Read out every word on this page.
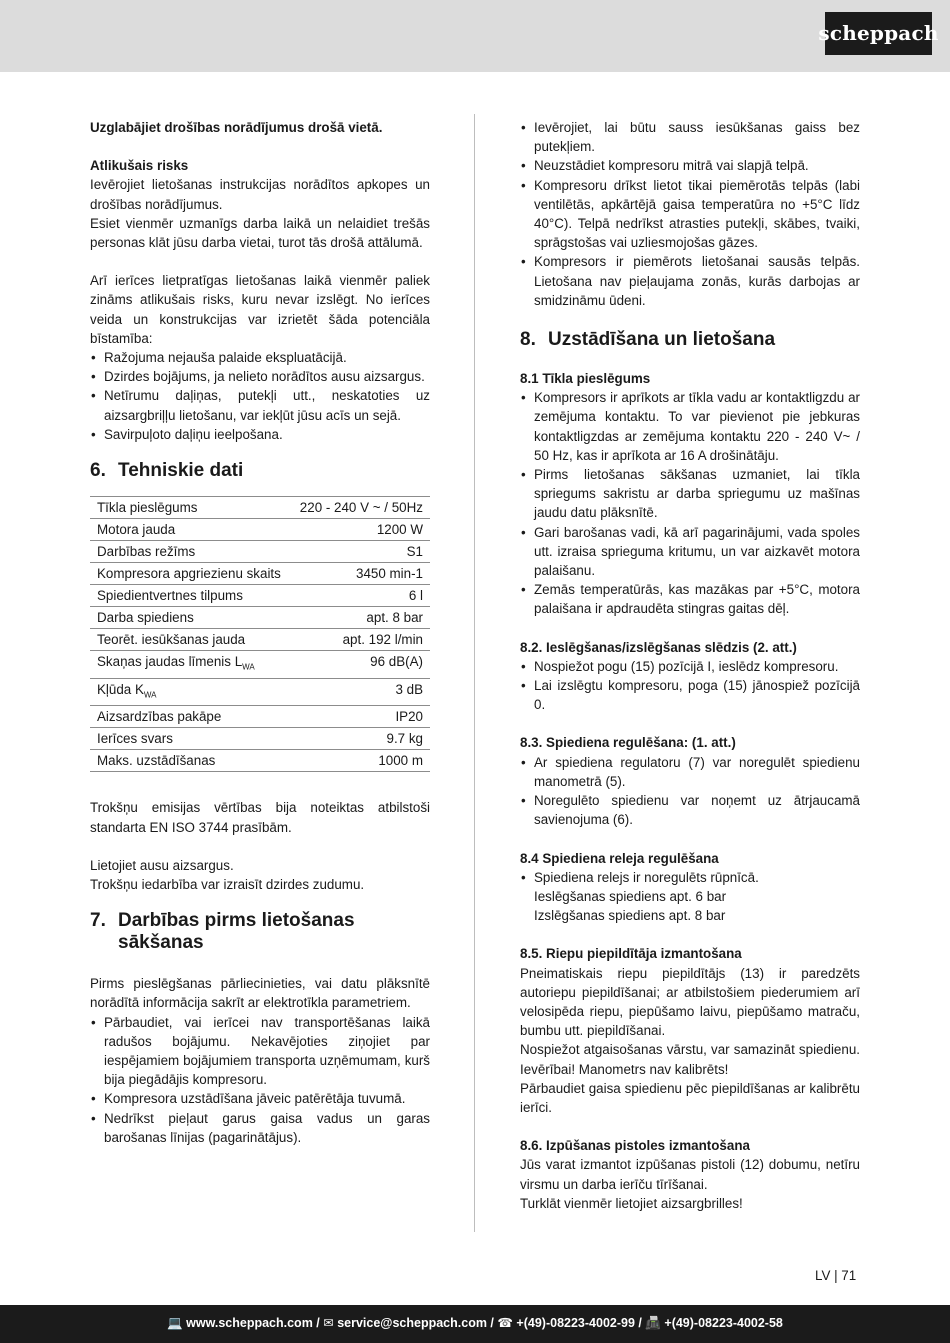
scheppach

Uzglabājiet drošības norādījumus drošā vietā.

Atlikušais risks

Ievērojiet lietošanas instrukcijas norādītos apkopes un drošības norādījumus.

Esiet vienmēr uzmanīgs darba laikā un nelaidiet trešās personas klāt jūsu darba vietai, turot tās drošā attālumā.

Arī ierīces lietpratīgas lietošanas laikā vienmēr paliek zināms atlikušais risks, kuru nevar izslēgt. No ierīces veida un konstrukcijas var izrietēt šāda potenciāla bīstamība:

• Ražojuma nejauša palaide ekspluatācijā.
• Dzirdes bojājums, ja nelieto norādītos ausu aizsargus.
• Netīrumu daļiņas, putekļi utt., neskatoties uz aizsargbriļļu lietošanu, var iekļūt jūsu acīs un sejā.
• Savirpuļoto daļiņu ieelpošana.
6. Tehniskie dati
Tīkla pieslēgums	220 - 240 V ~ / 50Hz
Motora jauda	1200 W
Darbības režīms	S1
Kompresora apgriezienu skaits	3450 min-1
Spiedientvertnes tilpums	6 l
Darba spiediens	apt. 8 bar
Teorēt. iesūkšanas jauda	apt. 192 l/min
Skaņas jaudas līmenis $L_{WA}$	96 dB(A)
Kļūda $K_{WA}$	3 dB
Aizsardzības pakāpe	IP20
Ierīces svars	9.7 kg
Maks. uzstādīšanas	1000 m

Trokšņu emisijas vērtības bija noteiktas atbilstoši standarta EN ISO 3744 prasībām.

Lietojiet ausu aizsargus.

Trokšņu iedarbība var izraisīt dzirdes zudumu.

7. Darbības pirms lietošanas
sākšanas

Pirms pieslēgšanas pārliecinieties, vai datu plāksnītē norādītā informācija sakrīt ar elektrotīkla parametriem.

• Pārbaudiet, vai ierīcei nav transportēšanas laikā radušos bojājumu. Nekavējoties ziņojiet par iespējamiem bojājumiem transporta uzņēmumam, kurš bija piegādājis kompresoru.
• Kompresora uzstādīšana jāveic patērētāja tuvumā.
• Nedrīkst pieļaut garus gaisa vadus un garas barošanas līnijas (pagarinātājus).
• Ievērojiet, lai būtu sauss iesūkšanas gaiss bez putekļiem.
• Neuzstādiet kompresoru mitrā vai slapjā telpā.
• Kompresoru drīkst lietot tikai piemērotās telpās (labi ventilētās, apkārtējā gaisa temperatūra no +5°C līdz 40°C). Telpā nedrīkst atrasties putekļi, skābes, tvaiki, sprāgstošas vai uzliesmojošas gāzes.
• Kompresors ir piemērots lietošanai sausās telpās. Lietošana nav pieļaujama zonās, kurās darbojas ar smidzināmu ūdeni.
8. Uzstādīšana un lietošana

8.1 Tīkla pieslēgums

• Kompresors ir aprīkots ar tīkla vadu ar kontaktligzdu ar zemējuma kontaktu. To var pievienot pie jebkuras kontaktligzdas ar zemējuma kontaktu 220 - 240 V~ / 50 Hz, kas ir aprīkota ar 16 A drošinātāju.
• Pirms lietošanas sākšanas uzmaniet, lai tīkla spriegums sakristu ar darba spriegumu uz mašīnas jaudu datu plāksnītē.
• Gari barošanas vadi, kā arī pagarinājumi, vada spoles utt. izraisa sprieguma kritumu, un var aizkavēt motora palaišanu.
• Zemās temperatūrās, kas mazākas par +5°C, motora palaišana ir apdraudēta stingras gaitas dēļ.

8.2. Ieslēgšanas/izslēgšanas slēdzis (2. att.)

• Nospiežot pogu (15) pozīcijā I, ieslēdz kompresoru.
• Lai izslēgtu kompresoru, poga (15) jānospiež pozīcijā 0.

8.3. Spiediena regulēšana: (1. att.)

• Ar spiediena regulatoru (7) var noregulēt spiedienu manometrā (5).
• Noregulēto spiedienu var noņemt uz ātrjaucamā savienojuma (6).

8.4 Spiediena releja regulēšana

• Spiediena relejs ir noregulēts rūpnīcā.
Ieslēgšanas spiediens apt. 6 bar
Izslēgšanas spiediens apt. 8 bar

8.5. Riepu piepildītāja izmantošana

Pneimatiskais riepu piepildītājs (13) ir paredzēts autoriepu piepildīšanai; ar atbilstošiem piederumiem arī velosipēda riepu, piepūšamo laivu, piepūšamo matraču, bumbu utt. piepildīšanai.

Nospiežot atgaisošanas vārstu, var samazināt spiedienu. Ievērībai! Manometrs nav kalibrēts!

Pārbaudiet gaisa spiedienu pēc piepildīšanas ar kalibrētu ierīci.

8.6. Izpūšanas pistoles izmantošana

Jūs varat izmantot izpūšanas pistoli (12) dobumu, netīru virsmu un darba ierīču tīrīšanai.

Turklāt vienmēr lietojiet aizsargbrilles!

LV | 71
💻 www.scheppach.com / ✉ service@scheppach.com / ☎ +(49)-08223-4002-99 / 📠 +(49)-08223-4002-58
